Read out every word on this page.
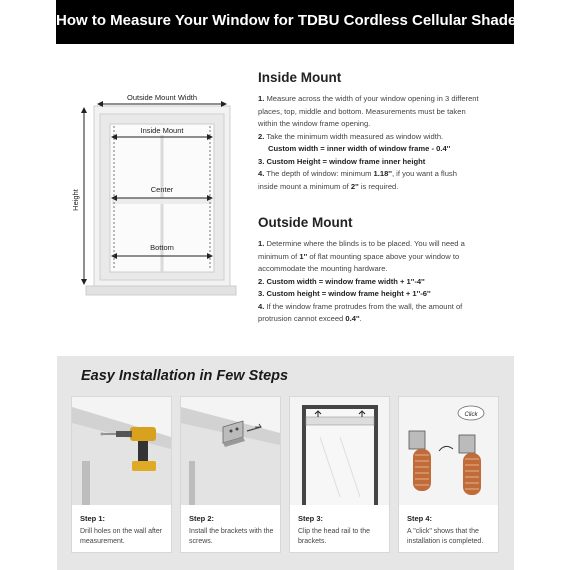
How to Measure Your Window for TDBU Cordless Cellular Shades
Outside Mount Width
Inside Mount
Center
Bottom
Height
Inside Mount
1. Measure across the width of your window opening in 3 different
places, top, middle and bottom. Measurements must be taken
within the window frame opening.
2. Take the minimum width measured as window width.
Custom width = inner width of window frame - 0.4''
3. Custom Height = window frame inner height
4. The depth of window: minimum 1.18'', if you want a flush
inside mount a minimum of 2'' is required.
Outside Mount
1. Determine where the blinds is to be placed. You will need a
minimum of 1'' of flat mounting space above your window to
accommodate the mounting hardware.
2. Custom width = window frame width + 1''-4''
3. Custom height = window frame height + 1''-6''
4. If the window frame protrudes from the wall, the amount of
protrusion cannot exceed 0.4''.
Easy Installation in Few Steps
Step 1:
Drill holes on the wall after measurement.
Step 2:
Install the brackets with the screws.
Step 3:
Clip the head rail to the brackets.
Click
Step 4:
A "click" shows that the installation is completed.
